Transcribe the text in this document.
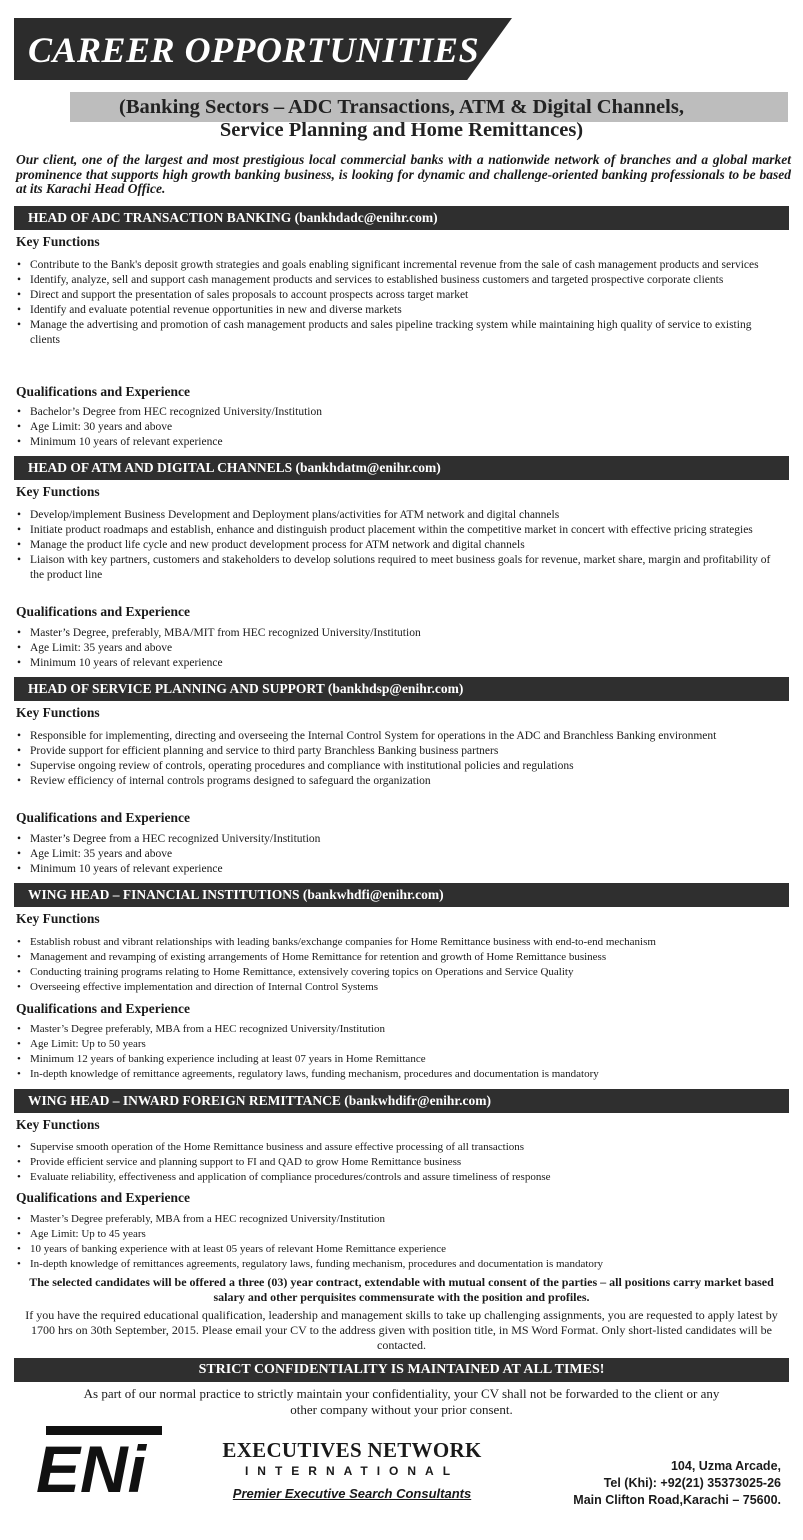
CAREER OPPORTUNITIES
(Banking Sectors – ADC Transactions, ATM & Digital Channels,
Service Planning and Home Remittances)
Our client, one of the largest and most prestigious local commercial banks with a nationwide network of branches and a global market prominence that supports high growth banking business, is looking for dynamic and challenge-oriented banking professionals to be based at its Karachi Head Office.
HEAD OF ADC TRANSACTION BANKING (bankhdadc@enihr.com)
Key Functions
• Contribute to the Bank's deposit growth strategies and goals enabling significant incremental revenue from the sale of cash management products and services
• Identify, analyze, sell and support cash management products and services to established business customers and targeted prospective corporate clients
• Direct and support the presentation of sales proposals to account prospects across target market
• Identify and evaluate potential revenue opportunities in new and diverse markets
• Manage the advertising and promotion of cash management products and sales pipeline tracking system while maintaining high quality of service to existing clients
Qualifications and Experience
• Bachelor’s Degree from HEC recognized University/Institution
• Age Limit: 30 years and above
• Minimum 10 years of relevant experience
HEAD OF ATM AND DIGITAL CHANNELS (bankhdatm@enihr.com)
Key Functions
• Develop/implement Business Development and Deployment plans/activities for ATM network and digital channels
• Initiate product roadmaps and establish, enhance and distinguish product placement within the competitive market in concert with effective pricing strategies
• Manage the product life cycle and new product development process for ATM network and digital channels
• Liaison with key partners, customers and stakeholders to develop solutions required to meet business goals for revenue, market share, margin and profitability of the product line
Qualifications and Experience
• Master’s Degree, preferably, MBA/MIT from HEC recognized University/Institution
• Age Limit: 35 years and above
• Minimum 10 years of relevant experience
HEAD OF SERVICE PLANNING AND SUPPORT (bankhdsp@enihr.com)
Key Functions
• Responsible for implementing, directing and overseeing the Internal Control System for operations in the ADC and Branchless Banking environment
• Provide support for efficient planning and service to third party Branchless Banking business partners
• Supervise ongoing review of controls, operating procedures and compliance with institutional policies and regulations
• Review efficiency of internal controls programs designed to safeguard the organization
Qualifications and Experience
• Master’s Degree from a HEC recognized University/Institution
• Age Limit: 35 years and above
• Minimum 10 years of relevant experience
WING HEAD – FINANCIAL INSTITUTIONS (bankwhdfi@enihr.com)
Key Functions
• Establish robust and vibrant relationships with leading banks/exchange companies for Home Remittance business with end-to-end mechanism
• Management and revamping of existing arrangements of Home Remittance for retention and growth of Home Remittance business
• Conducting training programs relating to Home Remittance, extensively covering topics on Operations and Service Quality
• Overseeing effective implementation and direction of Internal Control Systems
Qualifications and Experience
• Master’s Degree preferably, MBA from a HEC recognized University/Institution
• Age Limit: Up to 50 years
• Minimum 12 years of banking experience including at least 07 years in Home Remittance
• In-depth knowledge of remittance agreements, regulatory laws, funding mechanism, procedures and documentation is mandatory
WING HEAD – INWARD FOREIGN REMITTANCE (bankwhdifr@enihr.com)
Key Functions
• Supervise smooth operation of the Home Remittance business and assure effective processing of all transactions
• Provide efficient service and planning support to FI and QAD to grow Home Remittance business
• Evaluate reliability, effectiveness and application of compliance procedures/controls and assure timeliness of response
Qualifications and Experience
• Master’s Degree preferably, MBA from a HEC recognized University/Institution
• Age Limit: Up to 45 years
• 10 years of banking experience with at least 05 years of relevant Home Remittance experience
• In-depth knowledge of remittances agreements, regulatory laws, funding mechanism, procedures and documentation is mandatory
The selected candidates will be offered a three (03) year contract, extendable with mutual consent of the parties – all positions carry market based salary and other perquisites commensurate with the position and profiles.
If you have the required educational qualification, leadership and management skills to take up challenging assignments, you are requested to apply latest by 1700 hrs on 30th September, 2015. Please email your CV to the address given with position title, in MS Word Format. Only short-listed candidates will be contacted.
STRICT CONFIDENTIALITY IS MAINTAINED AT ALL TIMES!
As part of our normal practice to strictly maintain your confidentiality, your CV shall not be forwarded to the client or any other company without your prior consent.
ENi	EXECUTIVES NETWORK
INTERNATIONAL
Premier Executive Search Consultants
104, Uzma Arcade,
Tel (Khi): +92(21) 35373025-26
Main Clifton Road,Karachi – 75600.
